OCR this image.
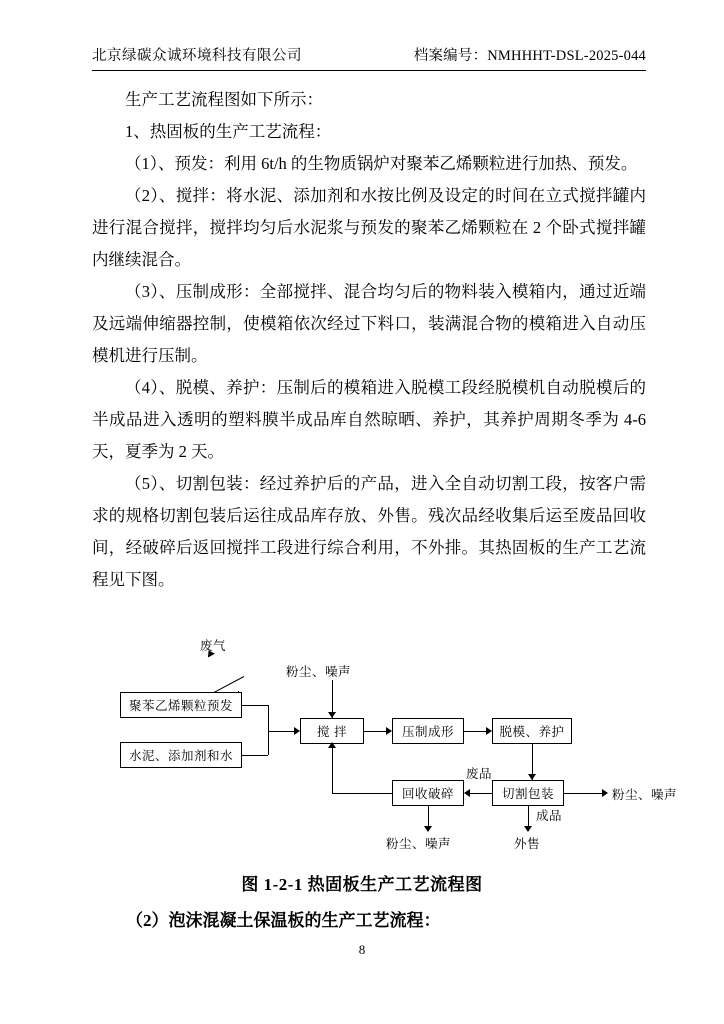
北京绿碳众诚环境科技有限公司	档案编号：NMHHHT-DSL-2025-044

生产工艺流程图如下所示：

1、热固板的生产工艺流程：

（1）、预发：利用 6t/h 的生物质锅炉对聚苯乙烯颗粒进行加热、预发。

（2）、搅拌：将水泥、添加剂和水按比例及设定的时间在立式搅拌罐内进行混合搅拌，搅拌均匀后水泥浆与预发的聚苯乙烯颗粒在 2 个卧式搅拌罐内继续混合。

（3）、压制成形：全部搅拌、混合均匀后的物料装入模箱内，通过近端及远端伸缩器控制，使模箱依次经过下料口，装满混合物的模箱进入自动压模机进行压制。

（4）、脱模、养护：压制后的模箱进入脱模工段经脱模机自动脱模后的半成品进入透明的塑料膜半成品库自然晾晒、养护，其养护周期冬季为 4-6 天，夏季为 2 天。

（5）、切割包装：经过养护后的产品，进入全自动切割工段，按客户需求的规格切割包装后运往成品库存放、外售。残次品经收集后运至废品回收间，经破碎后返回搅拌工段进行综合利用，不外排。其热固板的生产工艺流程见下图。

废气
粉尘、噪声
聚苯乙烯颗粒预发
水泥、添加剂和水
搅 拌	压制成形	脱模、养护
回收破碎	切割包装
废品
粉尘、噪声
粉尘、噪声
成品
外售
图 1-2-1 热固板生产工艺流程图
（2）泡沫混凝土保温板的生产工艺流程：
8
